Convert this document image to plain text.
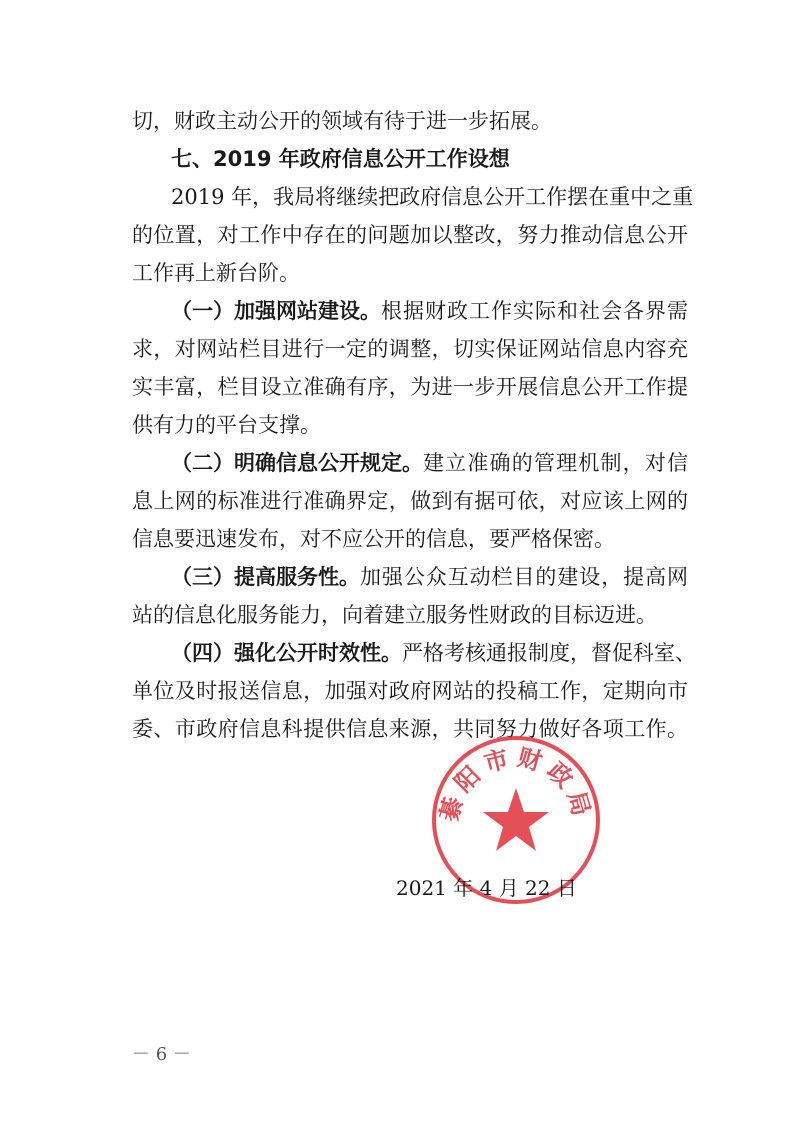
切，财政主动公开的领域有待于进一步拓展。
七、2019 年政府信息公开工作设想
2019 年，我局将继续把政府信息公开工作摆在重中之重
的位置，对工作中存在的问题加以整改，努力推动信息公开
工作再上新台阶。
（一）加强网站建设。 根据财政工作实际和社会各界需
求，对网站栏目进行一定的调整，切实保证网站信息内容充
实丰富，栏目设立准确有序，为进一步开展信息公开工作提
供有力的平台支撑。
（二）明确信息公开规定。 建立准确的管理机制，对信
息上网的标准进行准确界定，做到有据可依，对应该上网的
信息要迅速发布，对不应公开的信息，要严格保密。
（三）提高服务性。 加强公众互动栏目的建设，提高网
站的信息化服务能力，向着建立服务性财政的目标迈进。
（四）强化公开时效性。 严格考核通报制度，督促科室、
单位及时报送信息，加强对政府网站的投稿工作，定期向市
委、市政府信息科提供信息来源，共同努力做好各项工作。
綦阳市财政局
2021 年 4 月 22 日
－ 6 －
